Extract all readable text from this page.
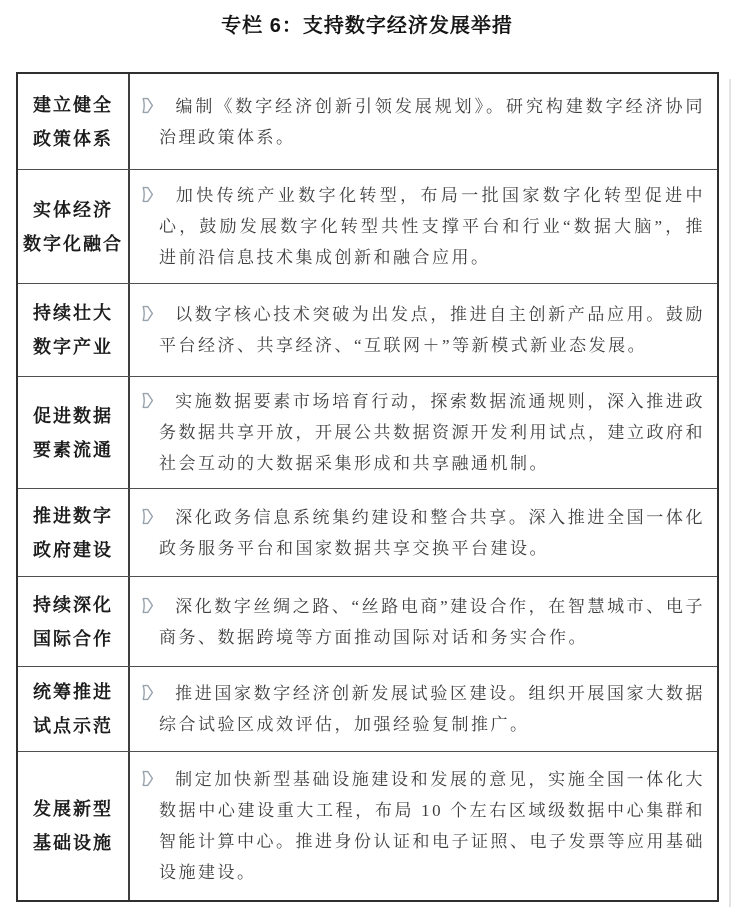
专栏 6：支持数字经济发展举措
建立健全
政策体系

编制《数字经济创新引领发展规划》。研究构建数字经济协同治理政策体系。

实体经济
数字化融合

加快传统产业数字化转型，布局一批国家数字化转型促进中心，鼓励发展数字化转型共性支撑平台和行业“数据大脑”，推进前沿信息技术集成创新和融合应用。

持续壮大
数字产业

以数字核心技术突破为出发点，推进自主创新产品应用。鼓励平台经济、共享经济、“互联网＋”等新模式新业态发展。

促进数据
要素流通

实施数据要素市场培育行动，探索数据流通规则，深入推进政务数据共享开放，开展公共数据资源开发利用试点，建立政府和社会互动的大数据采集形成和共享融通机制。

推进数字
政府建设

深化政务信息系统集约建设和整合共享。深入推进全国一体化政务服务平台和国家数据共享交换平台建设。

持续深化
国际合作

深化数字丝绸之路、“丝路电商”建设合作，在智慧城市、电子商务、数据跨境等方面推动国际对话和务实合作。

统筹推进
试点示范

推进国家数字经济创新发展试验区建设。组织开展国家大数据综合试验区成效评估，加强经验复制推广。

发展新型
基础设施

制定加快新型基础设施建设和发展的意见，实施全国一体化大数据中心建设重大工程，布局 10 个左右区域级数据中心集群和智能计算中心。推进身份认证和电子证照、电子发票等应用基础设施建设。
